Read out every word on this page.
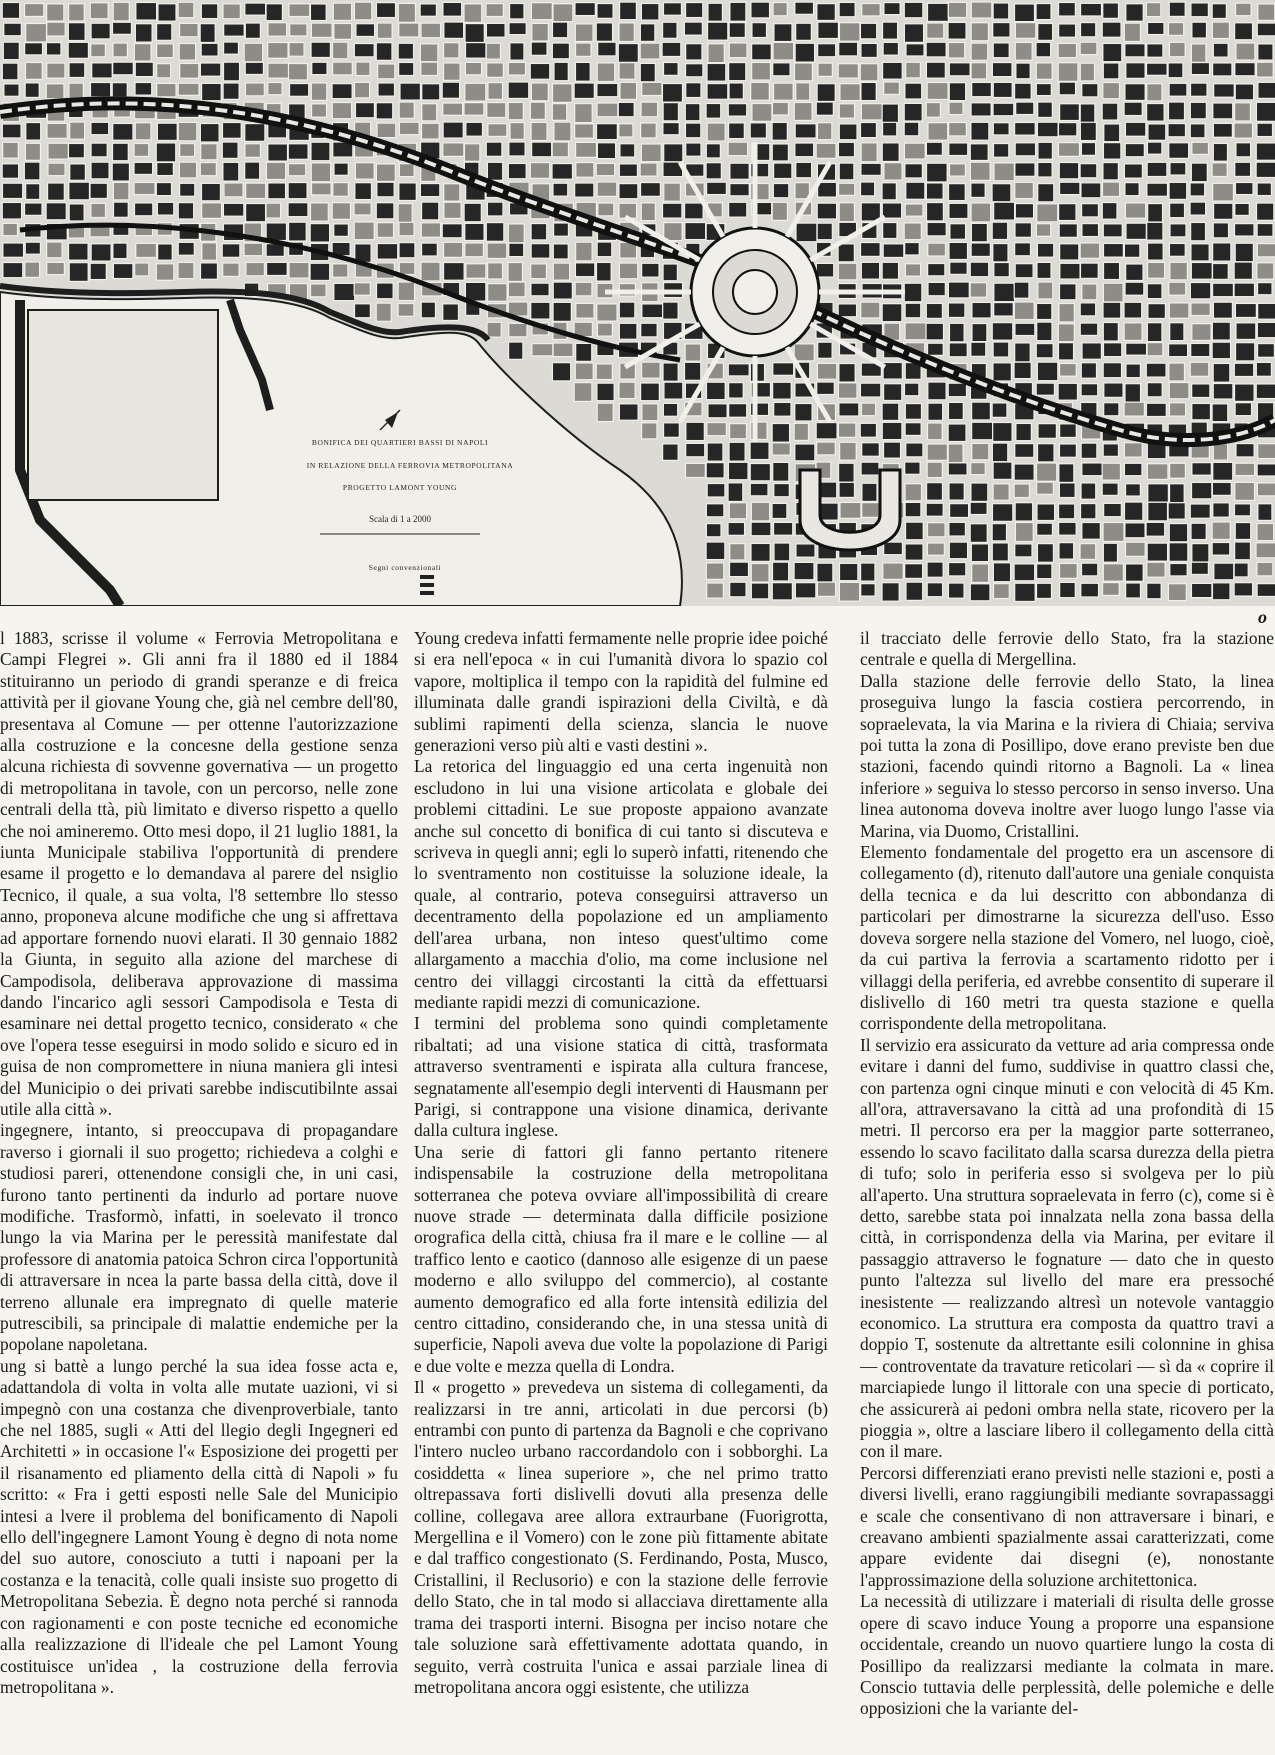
BONIFICA DEI QUARTIERI BASSI DI NAPOLI
IN RELAZIONE DELLA FERROVIA METROPOLITANA
PROGETTO LAMONT YOUNG
Scala di 1 a 2000
Segni convenzionali
o

l 1883, scrisse il volume « Ferrovia Metropolitana e Campi Flegrei ». Gli anni fra il 1880 ed il 1884 stituiranno un periodo di grandi speranze e di freica attività per il giovane Young che, già nel cembre dell'80, presentava al Comune — per ottenne l'autorizzazione alla costruzione e la concesne della gestione senza alcuna richiesta di sovvenne governativa — un progetto di metropolitana in tavole, con un percorso, nelle zone centrali della ttà, più limitato e diverso rispetto a quello che noi amineremo. Otto mesi dopo, il 21 luglio 1881, la iunta Municipale stabiliva l'opportunità di prendere esame il progetto e lo demandava al parere del nsiglio Tecnico, il quale, a sua volta, l'8 settembre llo stesso anno, proponeva alcune modifiche che ung si affrettava ad apportare fornendo nuovi elarati. Il 30 gennaio 1882 la Giunta, in seguito alla azione del marchese di Campodisola, deliberava approvazione di massima dando l'incarico agli sessori Campodisola e Testa di esaminare nei dettal progetto tecnico, considerato « che ove l'opera tesse eseguirsi in modo solido e sicuro ed in guisa de non compromettere in niuna maniera gli intesi del Municipio o dei privati sarebbe indiscutibilnte assai utile alla città ».

ingegnere, intanto, si preoccupava di propagandare raverso i giornali il suo progetto; richiedeva a colghi e studiosi pareri, ottenendone consigli che, in uni casi, furono tanto pertinenti da indurlo ad portare nuove modifiche. Trasformò, infatti, in soelevato il tronco lungo la via Marina per le peressità manifestate dal professore di anatomia patoica Schron circa l'opportunità di attraversare in ncea la parte bassa della città, dove il terreno allunale era impregnato di quelle materie putrescibili, sa principale di malattie endemiche per la popolane napoletana.

ung si battè a lungo perché la sua idea fosse acta e, adattandola di volta in volta alle mutate uazioni, vi si impegnò con una costanza che divenproverbiale, tanto che nel 1885, sugli « Atti del llegio degli Ingegneri ed Architetti » in occasione l'« Esposizione dei progetti per il risanamento ed pliamento della città di Napoli » fu scritto: « Fra i getti esposti nelle Sale del Municipio intesi a lvere il problema del bonificamento di Napoli ello dell'ingegnere Lamont Young è degno di nota nome del suo autore, conosciuto a tutti i napoani per la costanza e la tenacità, colle quali insiste suo progetto di Metropolitana Sebezia. È degno nota perché si rannoda con ragionamenti e con poste tecniche ed economiche alla realizzazione di ll'ideale che pel Lamont Young costituisce un'idea , la costruzione della ferrovia metropolitana ».

Young credeva infatti fermamente nelle proprie idee poiché si era nell'epoca « in cui l'umanità divora lo spazio col vapore, moltiplica il tempo con la rapidità del fulmine ed illuminata dalle grandi ispirazioni della Civiltà, e dà sublimi rapimenti della scienza, slancia le nuove generazioni verso più alti e vasti destini ».

La retorica del linguaggio ed una certa ingenuità non escludono in lui una visione articolata e globale dei problemi cittadini. Le sue proposte appaiono avanzate anche sul concetto di bonifica di cui tanto si discuteva e scriveva in quegli anni; egli lo superò infatti, ritenendo che lo sventramento non costituisse la soluzione ideale, la quale, al contrario, poteva conseguirsi attraverso un decentramento della popolazione ed un ampliamento dell'area urbana, non inteso quest'ultimo come allargamento a macchia d'olio, ma come inclusione nel centro dei villaggi circostanti la città da effettuarsi mediante rapidi mezzi di comunicazione.

I termini del problema sono quindi completamente ribaltati; ad una visione statica di città, trasformata attraverso sventramenti e ispirata alla cultura francese, segnatamente all'esempio degli interventi di Hausmann per Parigi, si contrappone una visione dinamica, derivante dalla cultura inglese.

Una serie di fattori gli fanno pertanto ritenere indispensabile la costruzione della metropolitana sotterranea che poteva ovviare all'impossibilità di creare nuove strade — determinata dalla difficile posizione orografica della città, chiusa fra il mare e le colline — al traffico lento e caotico (dannoso alle esigenze di un paese moderno e allo sviluppo del commercio), al costante aumento demografico ed alla forte intensità edilizia del centro cittadino, considerando che, in una stessa unità di superficie, Napoli aveva due volte la popolazione di Parigi e due volte e mezza quella di Londra.

Il « progetto » prevedeva un sistema di collegamenti, da realizzarsi in tre anni, articolati in due percorsi (b) entrambi con punto di partenza da Bagnoli e che coprivano l'intero nucleo urbano raccordandolo con i sobborghi. La cosiddetta « linea superiore », che nel primo tratto oltrepassava forti dislivelli dovuti alla presenza delle colline, collegava aree allora extraurbane (Fuorigrotta, Mergellina e il Vomero) con le zone più fittamente abitate e dal traffico congestionato (S. Ferdinando, Posta, Musco, Cristallini, il Reclusorio) e con la stazione delle ferrovie dello Stato, che in tal modo si allacciava direttamente alla trama dei trasporti interni. Bisogna per inciso notare che tale soluzione sarà effettivamente adottata quando, in seguito, verrà costruita l'unica e assai parziale linea di metropolitana ancora oggi esistente, che utilizza

il tracciato delle ferrovie dello Stato, fra la stazione centrale e quella di Mergellina.

Dalla stazione delle ferrovie dello Stato, la linea proseguiva lungo la fascia costiera percorrendo, in sopraelevata, la via Marina e la riviera di Chiaia; serviva poi tutta la zona di Posillipo, dove erano previste ben due stazioni, facendo quindi ritorno a Bagnoli. La « linea inferiore » seguiva lo stesso percorso in senso inverso. Una linea autonoma doveva inoltre aver luogo lungo l'asse via Marina, via Duomo, Cristallini.

Elemento fondamentale del progetto era un ascensore di collegamento (d), ritenuto dall'autore una geniale conquista della tecnica e da lui descritto con abbondanza di particolari per dimostrarne la sicurezza dell'uso. Esso doveva sorgere nella stazione del Vomero, nel luogo, cioè, da cui partiva la ferrovia a scartamento ridotto per i villaggi della periferia, ed avrebbe consentito di superare il dislivello di 160 metri tra questa stazione e quella corrispondente della metropolitana.

Il servizio era assicurato da vetture ad aria compressa onde evitare i danni del fumo, suddivise in quattro classi che, con partenza ogni cinque minuti e con velocità di 45 Km. all'ora, attraversavano la città ad una profondità di 15 metri. Il percorso era per la maggior parte sotterraneo, essendo lo scavo facilitato dalla scarsa durezza della pietra di tufo; solo in periferia esso si svolgeva per lo più all'aperto. Una struttura sopraelevata in ferro (c), come si è detto, sarebbe stata poi innalzata nella zona bassa della città, in corrispondenza della via Marina, per evitare il passaggio attraverso le fognature — dato che in questo punto l'altezza sul livello del mare era pressoché inesistente — realizzando altresì un notevole vantaggio economico. La struttura era composta da quattro travi a doppio T, sostenute da altrettante esili colonnine in ghisa — controventate da travature reticolari — sì da « coprire il marciapiede lungo il littorale con una specie di porticato, che assicurerà ai pedoni ombra nella state, ricovero per la pioggia », oltre a lasciare libero il collegamento della città con il mare.

Percorsi differenziati erano previsti nelle stazioni e, posti a diversi livelli, erano raggiungibili mediante sovrapassaggi e scale che consentivano di non attraversare i binari, e creavano ambienti spazialmente assai caratterizzati, come appare evidente dai disegni (e), nonostante l'approssimazione della soluzione architettonica.

La necessità di utilizzare i materiali di risulta delle grosse opere di scavo induce Young a proporre una espansione occidentale, creando un nuovo quartiere lungo la costa di Posillipo da realizzarsi mediante la colmata in mare. Conscio tuttavia delle perplessità, delle polemiche e delle opposizioni che la variante del-
